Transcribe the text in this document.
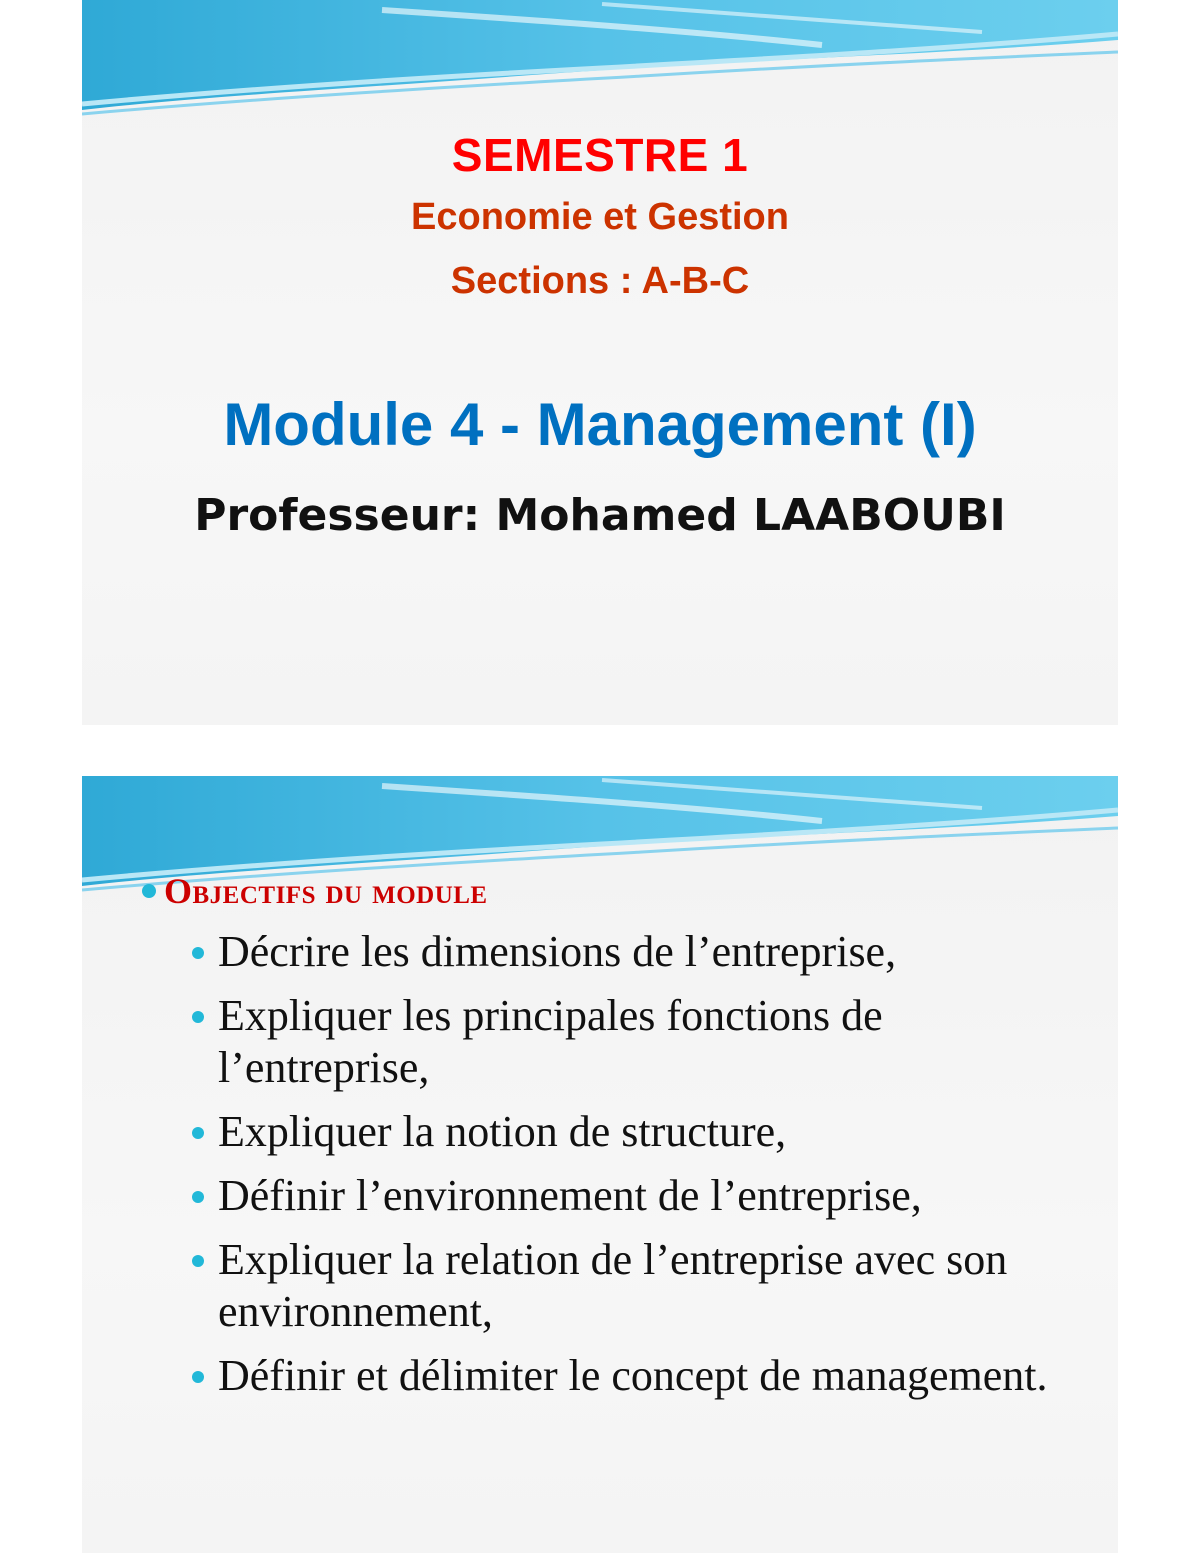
SEMESTRE 1
Economie et Gestion
Sections : A-B-C
Module 4 - Management (I)
Professeur: Mohamed LAABOUBI
Objectifs du module
Décrire les dimensions de l’entreprise,
Expliquer les principales fonctions de l’entreprise,
Expliquer la notion de structure,
Définir l’environnement de l’entreprise,
Expliquer la relation de l’entreprise avec son environnement,
Définir et délimiter le concept de management.
